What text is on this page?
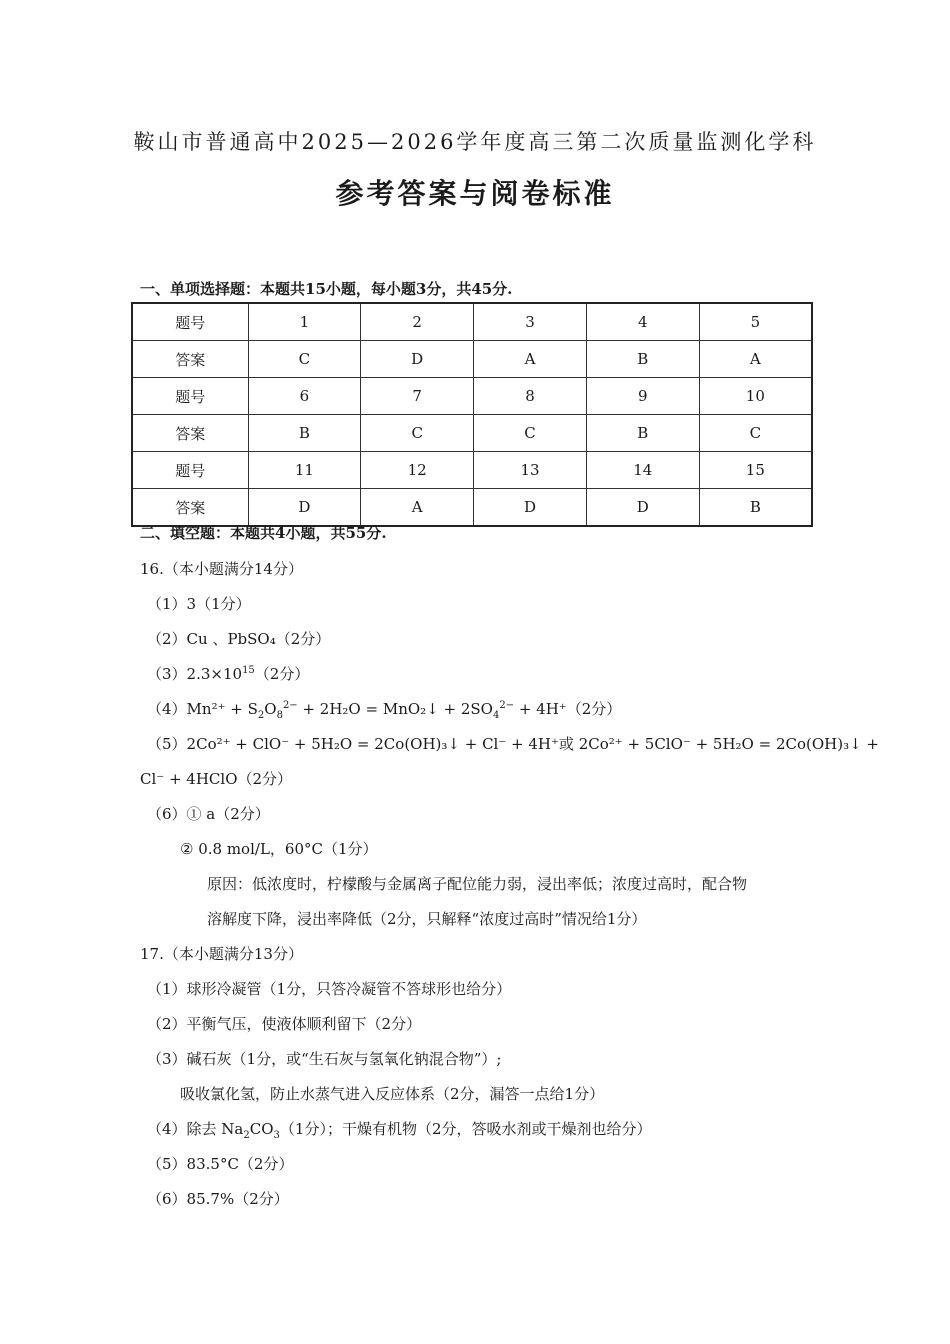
鞍山市普通高中2025—2026学年度高三第二次质量监测化学科
参考答案与阅卷标准
一、单项选择题：本题共15小题，每小题3分，共45分.
题号	1	2	3	4	5
答案	C	D	A	B	A
题号	6	7	8	9	10
答案	B	C	C	B	C
题号	11	12	13	14	15
答案	D	A	D	D	B
二、填空题：本题共4小题，共55分.
16.（本小题满分14分）
（1）3（1分）
（2）Cu 、PbSO₄（2分）
$(3)2.3\times 10^{15}(2$分）
$(4)Mn^{2+} + S_2O_8^{2-} + 2H_2O$ = MnO₂↓ + $2SO_4^{2-} + 4H^+(2$分）
（5）2Co²⁺ + ClO⁻ + 5H₂O = 2Co(OH)₃↓ + Cl⁻ + 4H⁺或 2Co²⁺ + 5ClO⁻ + 5H₂O = 2Co(OH)₃↓ +
Cl⁻ + 4HClO（2分）
（6）① a（2分）
② 0.8 mol/L，60°C（1分）
原因：低浓度时，柠檬酸与金属离子配位能力弱，浸出率低；浓度过高时，配合物
溶解度下降，浸出率降低（2分，只解释“浓度过高时”情况给1分）
17.（本小题满分13分）
（1）球形冷凝管（1分，只答冷凝管不答球形也给分）
（2）平衡气压，使液体顺利留下（2分）
（3）碱石灰（1分，或“生石灰与氢氧化钠混合物”）;
吸收氯化氢，防止水蒸气进入反应体系（2分，漏答一点给1分）
（4）除去 $Na_2CO_3(1$分）；干燥有机物（2分，答吸水剂或干燥剂也给分）
（5）83.5°C（2分）
（6）85.7%（2分）
